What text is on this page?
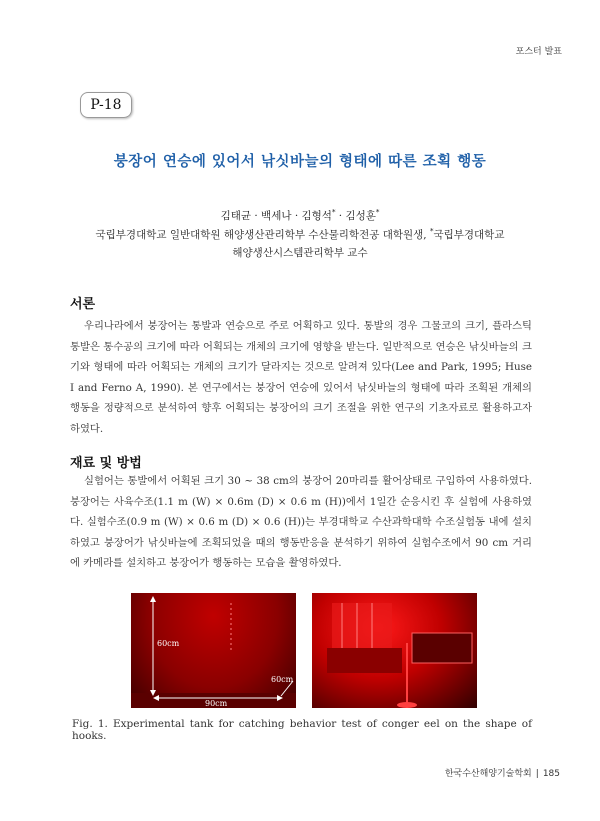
포스터 발표
P-18
붕장어 연승에 있어서 낚싯바늘의 형태에 따른 조획 행동
김태균 · 백세나 · 김형석* · 김성훈*
국립부경대학교 일반대학원 해양생산관리학부 수산물리학전공 대학원생, *국립부경대학교
해양생산시스템관리학부 교수
서론
우리나라에서 붕장어는 통발과 연승으로 주로 어획하고 있다. 통발의 경우 그물코의 크기, 플라스틱 통발은 통수공의 크기에 따라 어획되는 개체의 크기에 영향을 받는다. 일반적으로 연승은 낚싯바늘의 크기와 형태에 따라 어획되는 개체의 크기가 달라지는 것으로 알려져 있다(Lee and Park, 1995; Huse I and Ferno A, 1990). 본 연구에서는 붕장어 연승에 있어서 낚싯바늘의 형태에 따라 조획된 개체의 행동을 정량적으로 분석하여 향후 어획되는 붕장어의 크기 조절을 위한 연구의 기초자료로 활용하고자 하였다.
재료 및 방법
실험어는 통발에서 어획된 크기 30 ~ 38 cm의 붕장어 20마리를 활어상태로 구입하여 사용하였다. 붕장어는 사육수조(1.1 m (W) × 0.6m (D) × 0.6 m (H))에서 1일간 순응시킨 후 실험에 사용하였다. 실험수조(0.9 m (W) × 0.6 m (D) × 0.6 (H))는 부경대학교 수산과학대학 수조실험동 내에 설치하였고 붕장어가 낚싯바늘에 조획되었을 때의 행동반응을 분석하기 위하여 실험수조에서 90 cm 거리에 카메라를 설치하고 붕장어가 행동하는 모습을 촬영하였다.
60cm
60cm
90cm
Fig. 1. Experimental tank for catching behavior test of conger eel on the shape of hooks.
한국수산해양기술학회 | 185
